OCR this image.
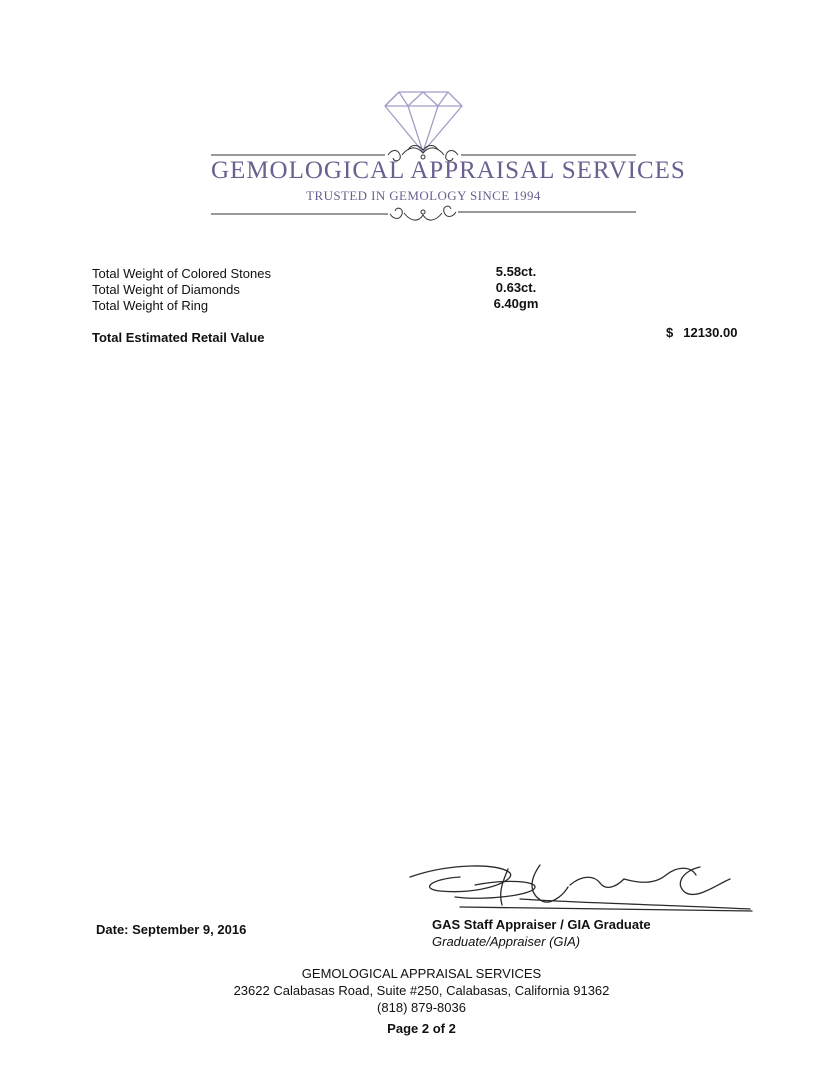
GEMOLOGICAL APPRAISAL SERVICES
TRUSTED IN GEMOLOGY SINCE 1994
Total Weight of Colored Stones	5.58ct.
Total Weight of Diamonds	0.63ct.
Total Weight of Ring	6.40gm
Total Estimated Retail Value	$ 12130.00
Date: September 9, 2016	GAS Staff Appraiser / GIA Graduate
Graduate/Appraiser (GIA)
GEMOLOGICAL APPRAISAL SERVICES
23622 Calabasas Road, Suite #250, Calabasas, California 91362
(818) 879-8036
Page 2 of 2
